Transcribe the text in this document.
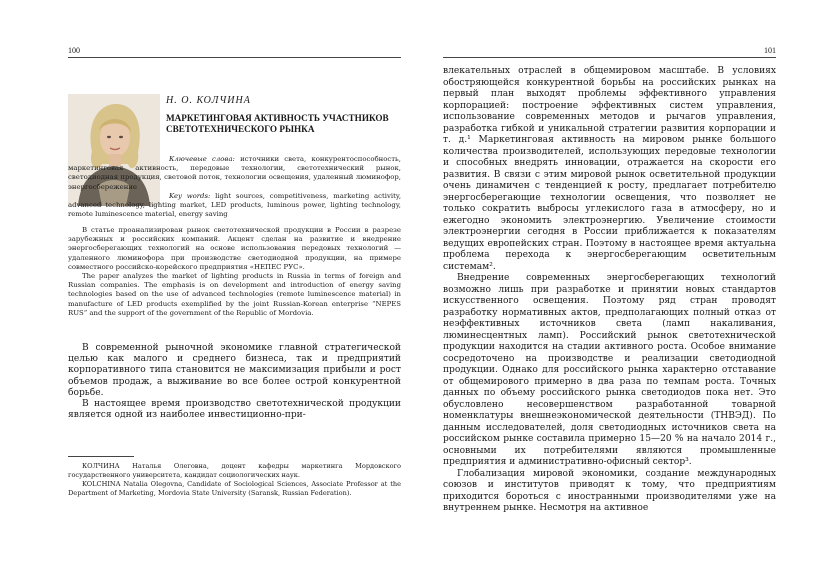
100
Н. О. КОЛЧИНА
МАРКЕТИНГОВАЯ АКТИВНОСТЬ УЧАСТНИКОВ СВЕТОТЕХНИЧЕСКОГО РЫНКА

Ключевые слова: источники света, конкурентоспособность, маркетинговая активность, передовые технологии, светотехнический рынок, светодиодная продукция, световой поток, технологии освещения, удаленный люминофор, энергосбережение

Key words: light sources, competitiveness, marketing activity, advanced technology, lighting market, LED products, luminous power, lighting technology, remote luminescence material, energy saving

В статье проанализирован рынок светотехнической продукции в России в разрезе зарубежных и российских компаний. Акцент сделан на развитие и внедрение энергосберегающих технологий на основе использования передовых технологий — удаленного люминофора при производстве светодиодной продукции, на примере совместного российско-корейского предприятия «НЕПЕС РУС».

The paper analyzes the market of lighting products in Russia in terms of foreign and Russian companies. The emphasis is on development and introduction of energy saving technologies based on the use of advanced technologies (remote luminescence material) in manufacture of LED products exemplified by the joint Russian-Korean enterprise “NEPES RUS” and the support of the government of the Republic of Mordovia.

В современной рыночной экономике главной стратегической целью как малого и среднего бизнеса, так и предприятий корпоративного типа становится не максимизация прибыли и рост объемов продаж, а выживание во все более острой конкурентной борьбе.

В настоящее время производство светотехнической продукции является одной из наиболее инвестиционно-при-

КОЛЧИНА Наталья Олеговна, доцент кафедры маркетинга Мордовского государственного университета, кандидат социологических наук.

KOLCHINA Natalia Olegovna, Candidate of Sociological Sciences, Associate Professor at the Department of Marketing, Mordovia State University (Saransk, Russian Federation).

101

влекательных отраслей в общемировом масштабе. В условиях обостряющейся конкурентной борьбы на российских рынках на первый план выходят проблемы эффективного управления корпорацией: построение эффективных систем управления, использование современных методов и рычагов управления, разработка гибкой и уникальной стратегии развития корпорации и т. д.¹ Маркетинговая активность на мировом рынке большого количества производителей, использующих передовые технологии и способных внедрять инновации, отражается на скорости его развития. В связи с этим мировой рынок осветительной продукции очень динамичен с тенденцией к росту, предлагает потребителю энергосберегающие технологии освещения, что позволяет не только сократить выбросы углекислого газа в атмосферу, но и ежегодно экономить электроэнергию. Увеличение стоимости электроэнергии сегодня в России приближается к показателям ведущих европейских стран. Поэтому в настоящее время актуальна проблема перехода к энергосберегающим осветительным системам².

Внедрение современных энергосберегающих технологий возможно лишь при разработке и принятии новых стандартов искусственного освещения. Поэтому ряд стран проводят разработку нормативных актов, предполагающих полный отказ от неэффективных источников света (ламп накаливания, люминесцентных ламп). Российский рынок светотехнической продукции находится на стадии активного роста. Особое внимание сосредоточено на производстве и реализации светодиодной продукции. Однако для российского рынка характерно отставание от общемирового примерно в два раза по темпам роста. Точных данных по объему российского рынка светодиодов пока нет. Это обусловлено несовершенством разработанной товарной номенклатуры внешнеэкономической деятельности (ТНВЭД). По данным исследователей, доля светодиодных источников света на российском рынке составила примерно 15—20 % на начало 2014 г., основными их потребителями являются промышленные предприятия и административно-офисный сектор³.

Глобализация мировой экономики, создание международных союзов и институтов приводят к тому, что предприятиям приходится бороться с иностранными производителями уже на внутреннем рынке. Несмотря на активное
